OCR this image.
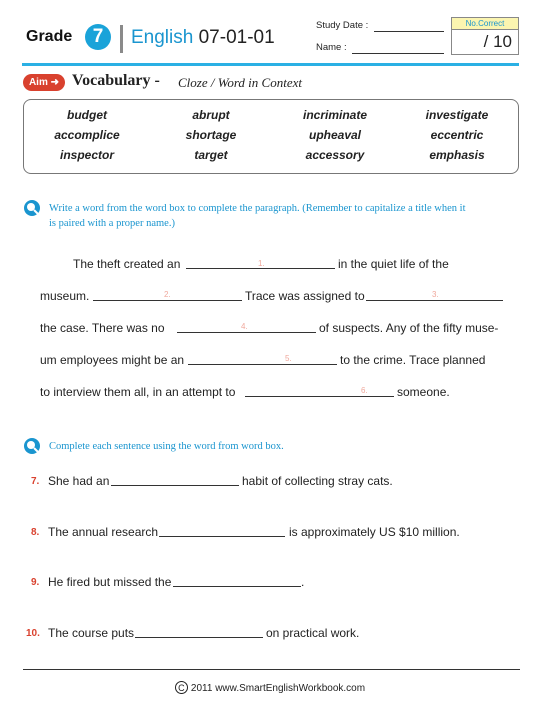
Grade	7	English 07-01-01
Study Date :
Name :
No.Correct
/ 10
Aim ➜ Vocabulary - Cloze / Word in Context
budget	abrupt	incriminate	investigate
accomplice	shortage	upheaval	eccentric
inspector	target	accessory	emphasis
Write a word from the word box to complete the paragraph. (Remember to capitalize a title when it
is paired with a proper name.)
The theft created an	1.	in the quiet life of the
museum.	2.	Trace was assigned to	3.
the case. There was no	4.	of suspects. Any of the fifty muse-
um employees might be an	5.	to the crime. Trace planned
to interview them all, in an attempt to	6. someone.
Complete each sentence using the word from word box.
7. She had an	habit of collecting stray cats.
8. The annual research	is approximately US $10 million.
9. He fired but missed the	.
10. The course puts	on practical work.
C 2011 www.SmartEnglishWorkbook.com
